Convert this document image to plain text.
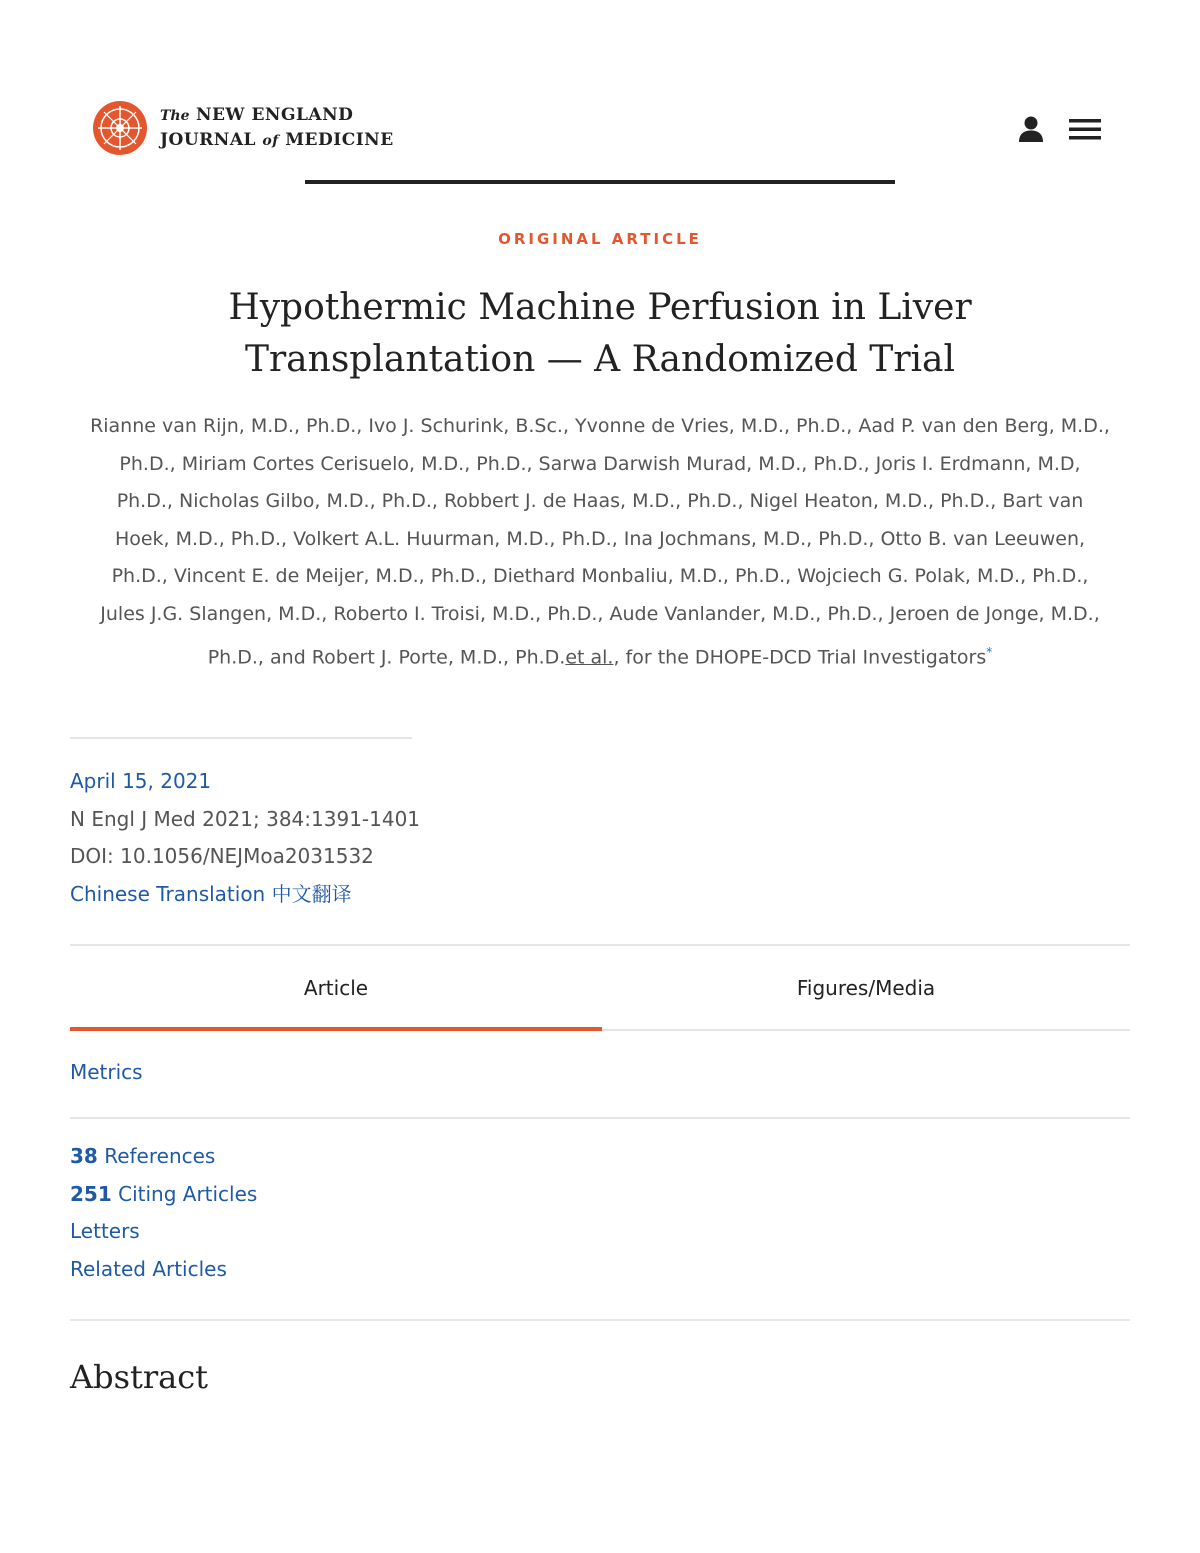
The NEW ENGLAND
JOURNAL of MEDICINE
ORIGINAL ARTICLE
Hypothermic Machine Perfusion in Liver Transplantation — A Randomized Trial
Rianne van Rijn, M.D., Ph.D., Ivo J. Schurink, B.Sc., Yvonne de Vries, M.D., Ph.D., Aad P. van den Berg, M.D., Ph.D., Miriam Cortes Cerisuelo, M.D., Ph.D., Sarwa Darwish Murad, M.D., Ph.D., Joris I. Erdmann, M.D, Ph.D., Nicholas Gilbo, M.D., Ph.D., Robbert J. de Haas, M.D., Ph.D., Nigel Heaton, M.D., Ph.D., Bart van Hoek, M.D., Ph.D., Volkert A.L. Huurman, M.D., Ph.D., Ina Jochmans, M.D., Ph.D., Otto B. van Leeuwen, Ph.D., Vincent E. de Meijer, M.D., Ph.D., Diethard Monbaliu, M.D., Ph.D., Wojciech G. Polak, M.D., Ph.D., Jules J.G. Slangen, M.D., Roberto I. Troisi, M.D., Ph.D., Aude Vanlander, M.D., Ph.D., Jeroen de Jonge, M.D., Ph.D., and Robert J. Porte, M.D., Ph.D.et al., for the DHOPE-DCD Trial Investigators*
April 15, 2021
N Engl J Med 2021; 384:1391-1401
DOI: 10.1056/NEJMoa2031532
Chinese Translation 中文翻译
Article	Figures/Media
Metrics
38 References
251 Citing Articles
Letters
Related Articles
Abstract
